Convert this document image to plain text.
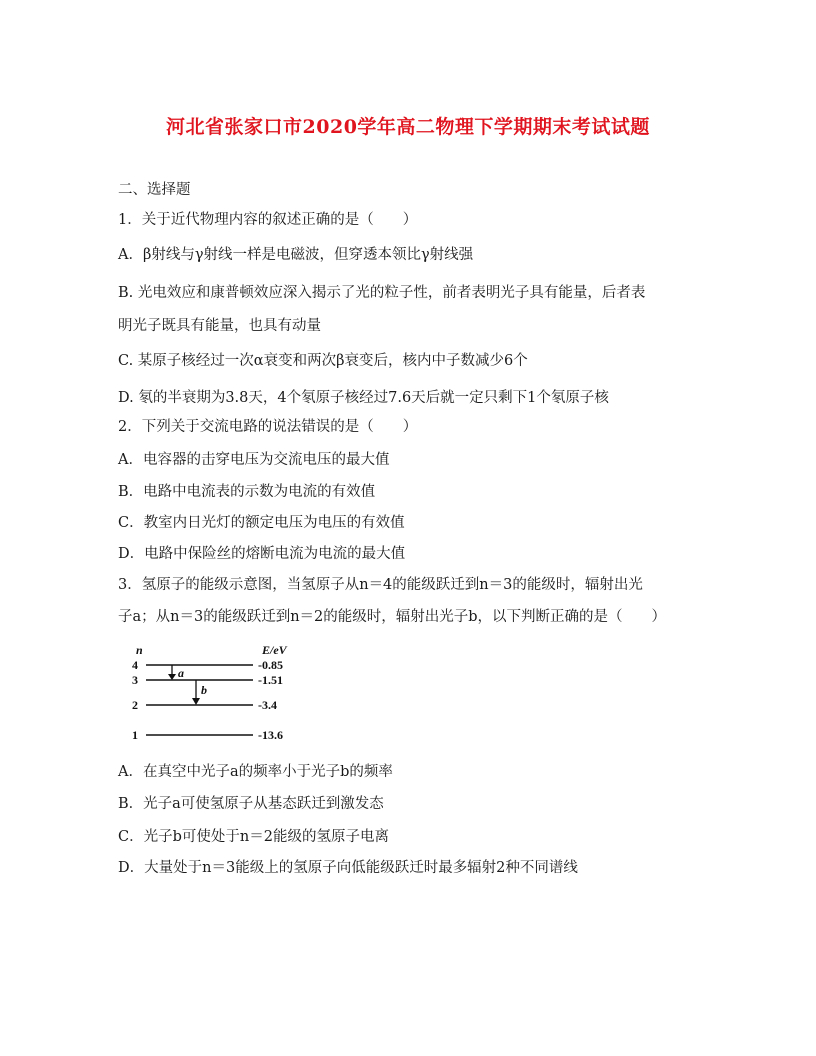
河北省张家口市2020学年高二物理下学期期末考试试题
二、选择题
1．关于近代物理内容的叙述正确的是（　　）
A．β射线与γ射线一样是电磁波，但穿透本领比γ射线强
B. 光电效应和康普顿效应深入揭示了光的粒子性，前者表明光子具有能量，后者表
明光子既具有能量，也具有动量
C. 某原子核经过一次α衰变和两次β衰变后，核内中子数减少6个
D. 氡的半衰期为3.8天，4个氡原子核经过7.6天后就一定只剩下1个氡原子核
2．下列关于交流电路的说法错误的是（　　）
A．电容器的击穿电压为交流电压的最大值
B．电路中电流表的示数为电流的有效值
C．教室内日光灯的额定电压为电压的有效值
D．电路中保险丝的熔断电流为电流的最大值
3．氢原子的能级示意图，当氢原子从n＝4的能级跃迁到n＝3的能级时，辐射出光
子a；从n＝3的能级跃迁到n＝2的能级时，辐射出光子b，以下判断正确的是（　　）
n	E/eV
4
3
2
1
-0.85
-1.51
-3.4
-13.6
a
b
A．在真空中光子a的频率小于光子b的频率
B．光子a可使氢原子从基态跃迁到激发态
C．光子b可使处于n＝2能级的氢原子电离
D．大量处于n＝3能级上的氢原子向低能级跃迁时最多辐射2种不同谱线
